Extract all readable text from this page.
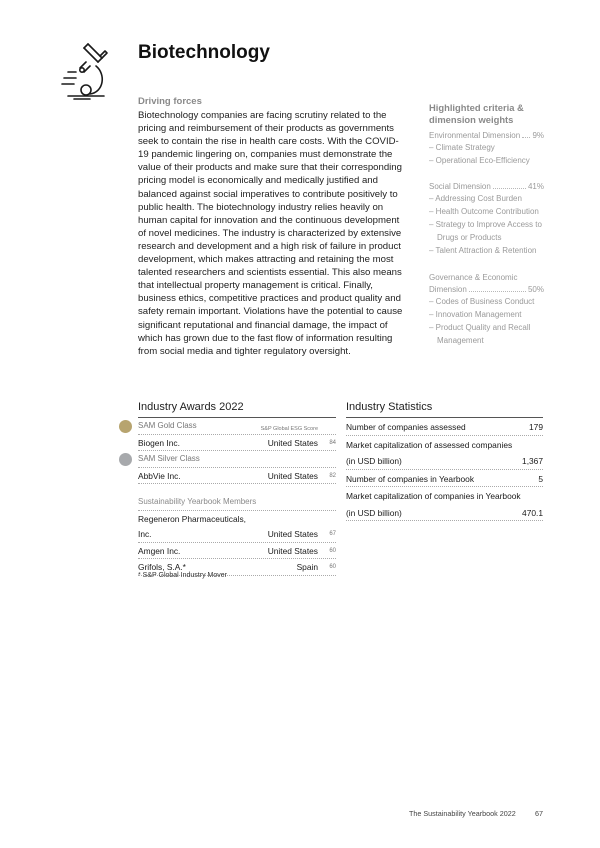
Biotechnology
Driving forces

Biotechnology companies are facing scrutiny related to the pricing and reimbursement of their products as governments seek to contain the rise in health care costs. With the COVID-19 pandemic lingering on, companies must demonstrate the value of their products and make sure that their corresponding pricing model is economically and medically justified and balanced against social imperatives to contribute positively to public health. The biotechnology industry relies heavily on human capital for innovation and the continuous development of novel medicines. The industry is characterized by extensive research and development and a high risk of failure in product development, which makes attracting and retaining the most talented researchers and scientists essential. This also means that intellectual property management is critical. Finally, business ethics, competitive practices and product quality and safety remain important. Violations have the potential to cause significant reputational and financial damage, the impact of which has grown due to the fast flow of information resulting from social media and tighter regulatory oversight.

Highlighted criteria & dimension weights
Environmental Dimension 9%
– Climate Strategy
– Operational Eco-Efficiency
Social Dimension	41%
– Addressing Cost Burden
– Health Outcome Contribution
– Strategy to Improve Access to Drugs or Products
– Talent Attraction & Retention
Governance & Economic
Dimension	50%
– Codes of Business Conduct
– Innovation Management
– Product Quality and Recall Management
Industry Awards 2022
SAM Gold Class	S&P Global ESG Score
Biogen Inc.	United States	84
SAM Silver Class
AbbVie Inc.	United States	82
Sustainability Yearbook Members
Regeneron Pharmaceuticals,
Inc.	United States	67
Amgen Inc.	United States	60
Grifols, S.A.*	Spain	60
Industry Statistics
Number of companies assessed	179
Market capitalization of assessed companies
(in USD billion)	1,367
Number of companies in Yearbook	5
Market capitalization of companies in Yearbook
(in USD billion)	470.1
* S&P Global Industry Mover
The Sustainability Yearbook 2022	67
